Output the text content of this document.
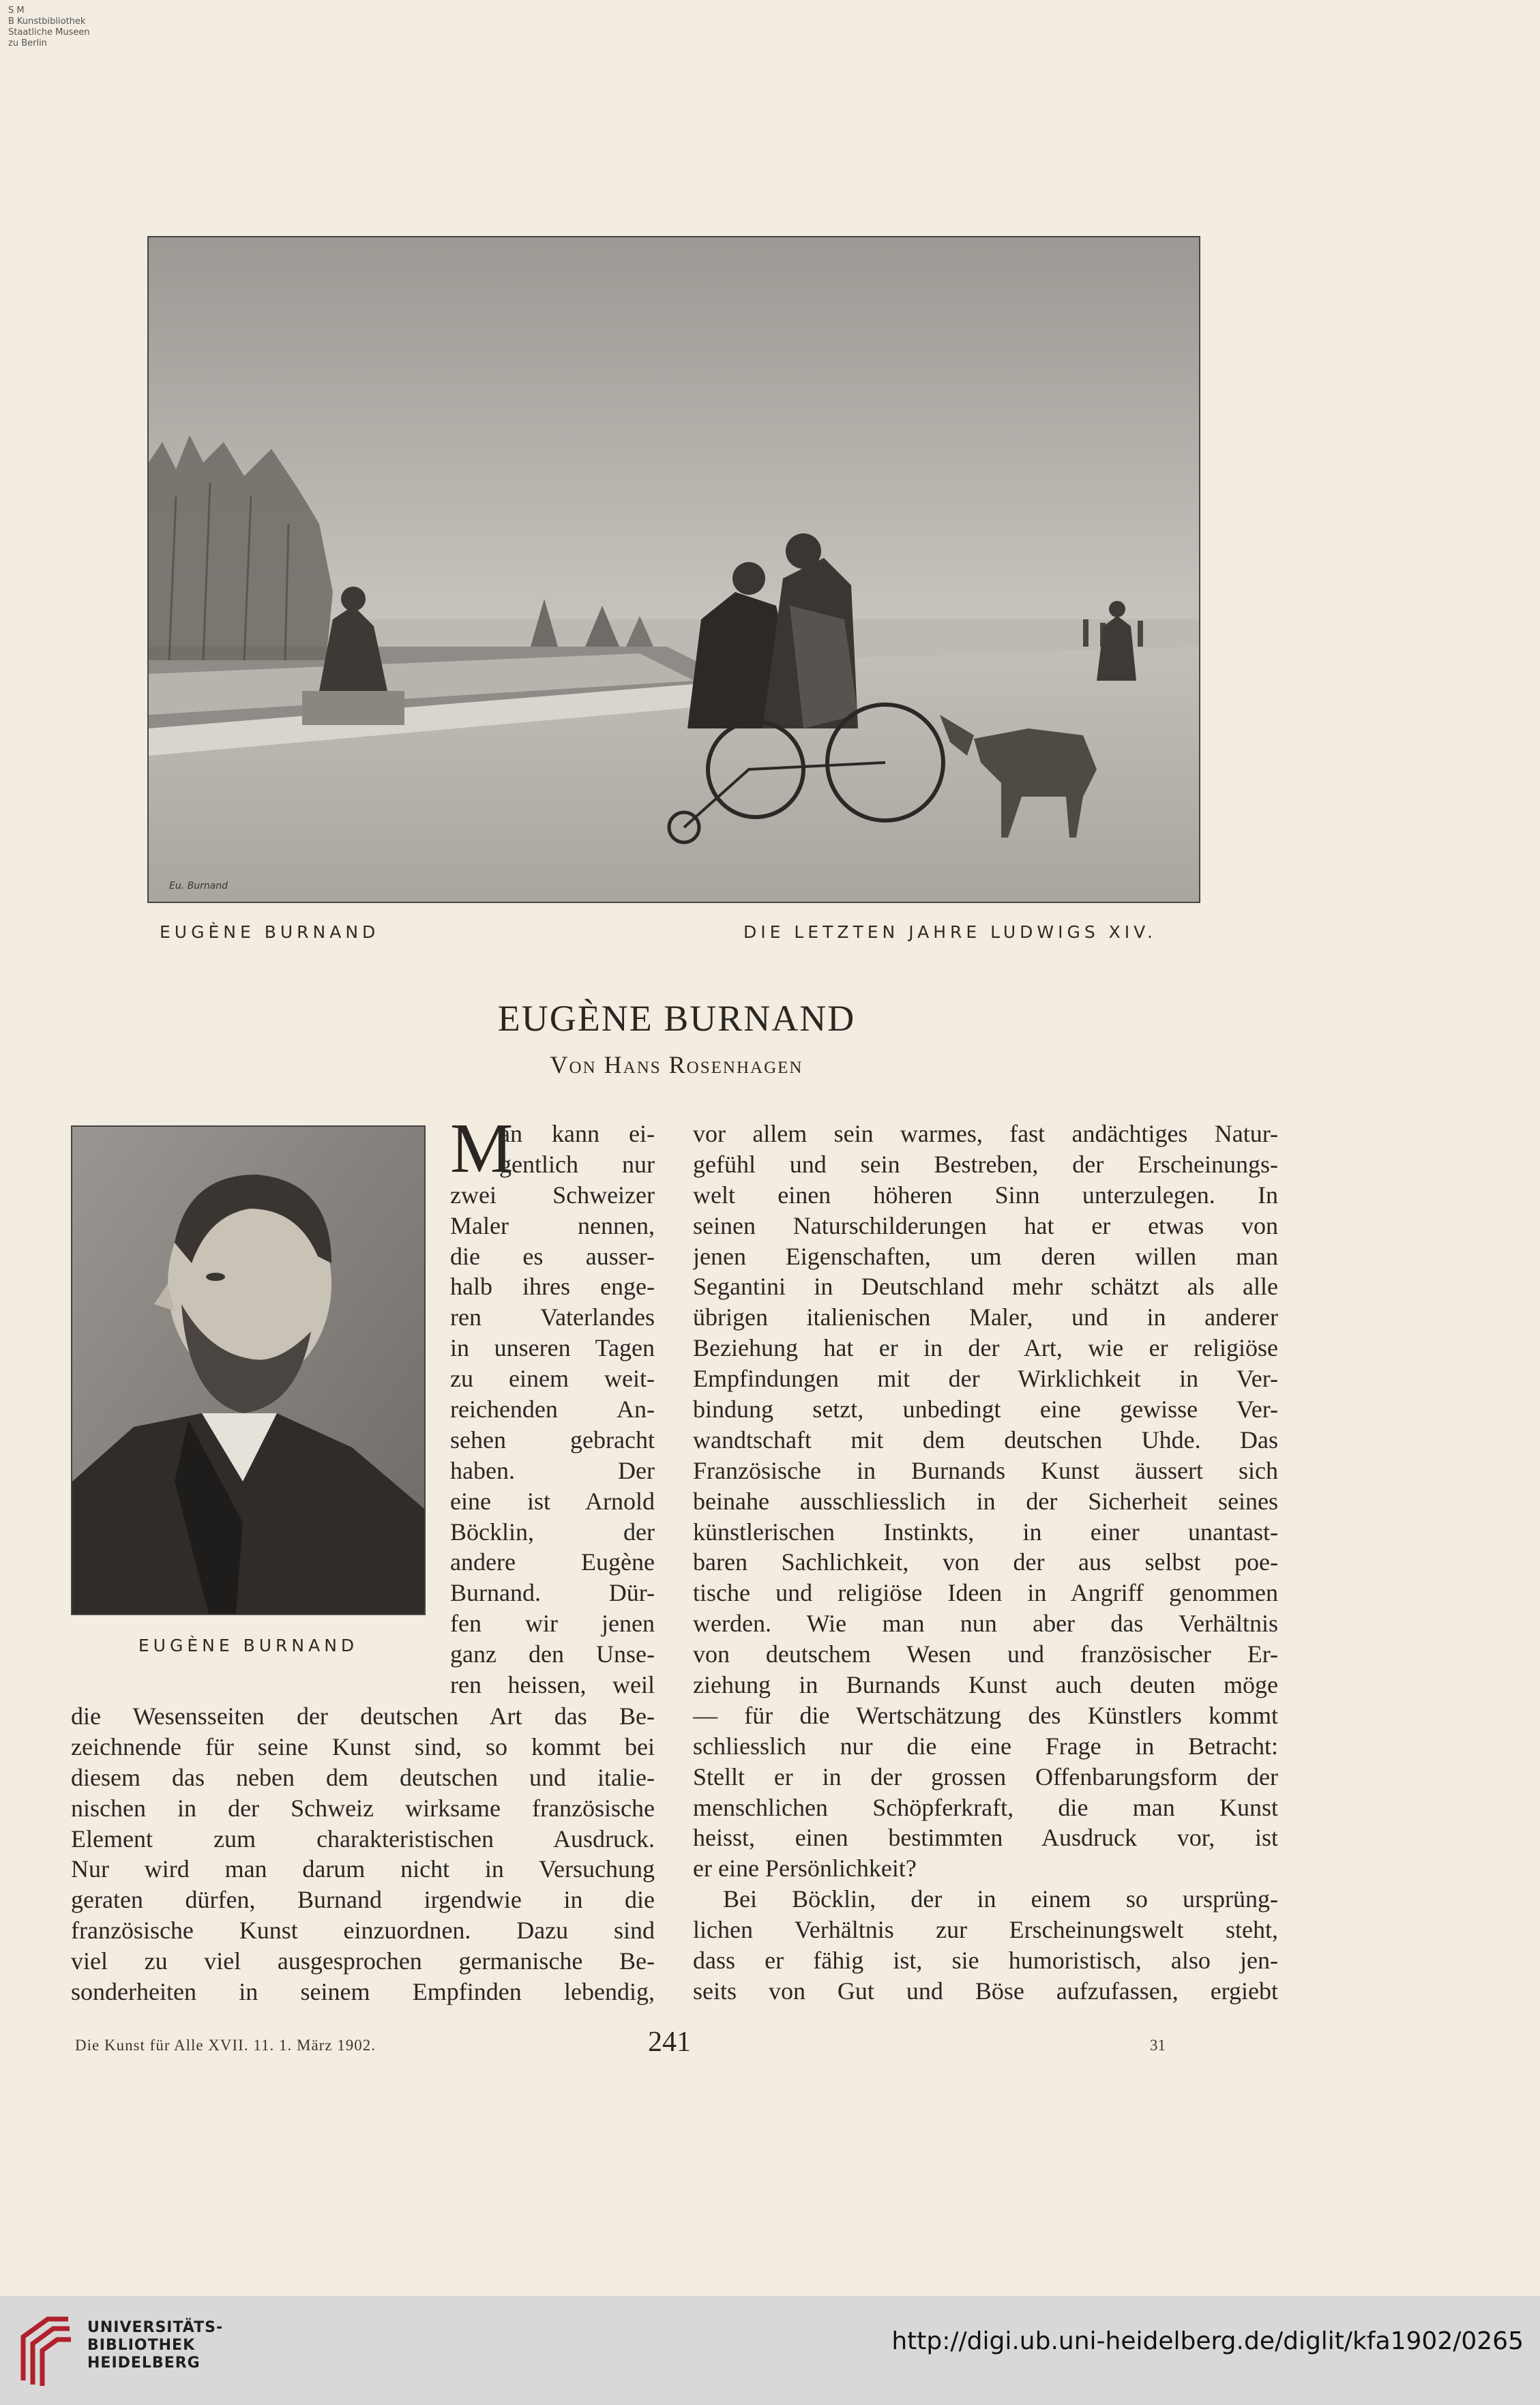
S M
B Kunstbibliothek
Staatliche Museen
zu Berlin
Eu. Burnand
EUGÈNE BURNAND	DIE LETZTEN JAHRE LUDWIGS XIV.
EUGÈNE BURNAND
Von Hans Rosenhagen
EUGÈNE BURNAND
M
an kann ei-
gentlich nur
zwei Schweizer
Maler nennen,
die es ausser-
halb ihres enge-
ren Vaterlandes
in unseren Tagen
zu einem weit-
reichenden An-
sehen gebracht
haben. Der
eine ist Arnold
Böcklin, der
andere Eugène
Burnand. Dür-
fen wir jenen
ganz den Unse-
ren heissen, weil
die Wesensseiten der deutschen Art das Be-
zeichnende für seine Kunst sind, so kommt bei
diesem das neben dem deutschen und italie-
nischen in der Schweiz wirksame französische
Element zum charakteristischen Ausdruck.
Nur wird man darum nicht in Versuchung
geraten dürfen, Burnand irgendwie in die
französische Kunst einzuordnen. Dazu sind
viel zu viel ausgesprochen germanische Be-
sonderheiten in seinem Empfinden lebendig,
vor allem sein warmes, fast andächtiges Natur-
gefühl und sein Bestreben, der Erscheinungs-
welt einen höheren Sinn unterzulegen. In
seinen Naturschilderungen hat er etwas von
jenen Eigenschaften, um deren willen man
Segantini in Deutschland mehr schätzt als alle
übrigen italienischen Maler, und in anderer
Beziehung hat er in der Art, wie er religiöse
Empfindungen mit der Wirklichkeit in Ver-
bindung setzt, unbedingt eine gewisse Ver-
wandtschaft mit dem deutschen Uhde. Das
Französische in Burnands Kunst äussert sich
beinahe ausschliesslich in der Sicherheit seines
künstlerischen Instinkts, in einer unantast-
baren Sachlichkeit, von der aus selbst poe-
tische und religiöse Ideen in Angriff genommen
werden. Wie man nun aber das Verhältnis
von deutschem Wesen und französischer Er-
ziehung in Burnands Kunst auch deuten möge
— für die Wertschätzung des Künstlers kommt
schliesslich nur die eine Frage in Betracht:
Stellt er in der grossen Offenbarungsform der
menschlichen Schöpferkraft, die man Kunst
heisst, einen bestimmten Ausdruck vor, ist
er eine Persönlichkeit?
Bei Böcklin, der in einem so ursprüng-
lichen Verhältnis zur Erscheinungswelt steht,
dass er fähig ist, sie humoristisch, also jen-
seits von Gut und Böse aufzufassen, ergiebt
Die Kunst für Alle XVII. 11. 1. März 1902.	241	31
UNIVERSITÄTS-
BIBLIOTHEK
HEIDELBERG
http://digi.ub.uni-heidelberg.de/diglit/kfa1902/0265
